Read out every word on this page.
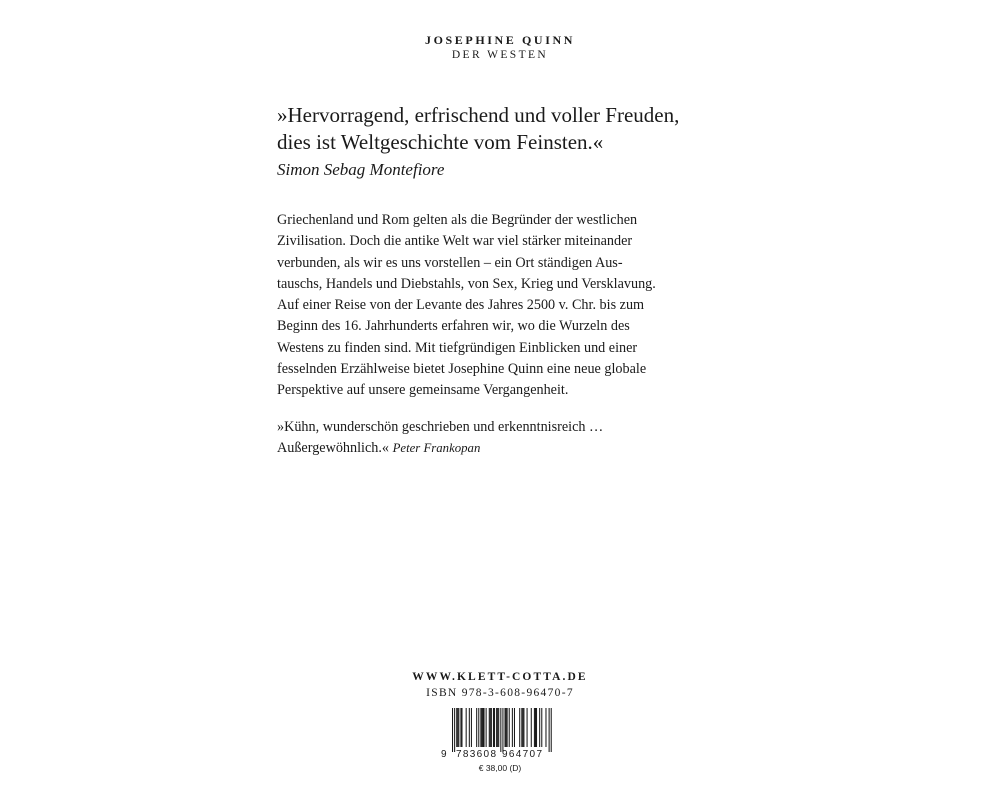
JOSEPHINE QUINN
DER WESTEN

»Hervorragend, erfrischend und voller Freuden,
dies ist Weltgeschichte vom Feinsten.«

Simon Sebag Montefiore

Griechenland und Rom gelten als die Begründer der westlichen
Zivilisation. Doch die antike Welt war viel stärker miteinander
verbunden, als wir es uns vorstellen – ein Ort ständigen Aus-
tauschs, Handels und Diebstahls, von Sex, Krieg und Versklavung.
Auf einer Reise von der Levante des Jahres 2500 v. Chr. bis zum
Beginn des 16. Jahrhunderts erfahren wir, wo die Wurzeln des
Westens zu finden sind. Mit tiefgründigen Einblicken und einer
fesselnden Erzählweise bietet Josephine Quinn eine neue globale
Perspektive auf unsere gemeinsame Vergangenheit.

»Kühn, wunderschön geschrieben und erkenntnisreich …
Außergewöhnlich.« Peter Frankopan

WWW.KLETT-COTTA.DE
ISBN 978-3-608-96470-7
9 783608 964707
€ 38,00 (D)
